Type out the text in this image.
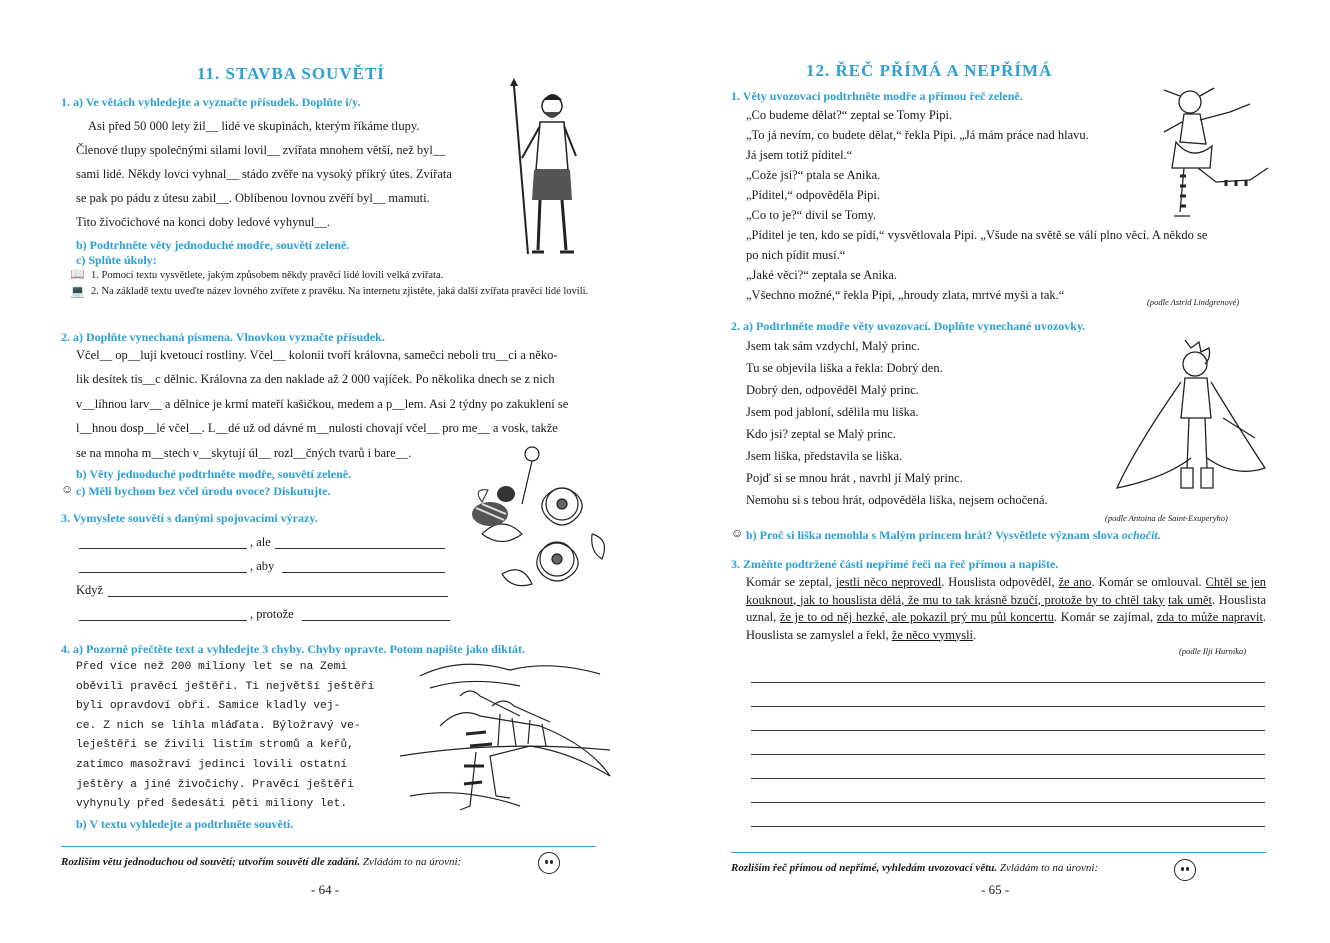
11. STAVBA SOUVĚTÍ
1. a) Ve větách vyhledejte a vyznačte přísudek. Doplňte i/y.
Asi před 50 000 lety žil__ lidé ve skupinách, kterým říkáme tlupy.
Členové tlupy společnými silami lovil__ zvířata mnohem větší, než byl__
sami lidé. Někdy lovci vyhnal__ stádo zvěře na vysoký příkrý útes. Zvířata
se pak po pádu z útesu zabil__. Oblíbenou lovnou zvěří byl__ mamuti.
Tito živočichové na konci doby ledové vyhynul__.
b) Podtrhněte věty jednoduché modře, souvětí zeleně.
c) Splňte úkoly:
📖 1. Pomocí textu vysvětlete, jakým způsobem někdy pravěcí lidé lovili velká zvířata.
💻 2. Na základě textu uveďte název lovného zvířete z pravěku. Na internetu zjistěte, jaká další zvířata pravěcí lidé lovili.
2. a) Doplňte vynechaná písmena. Vlnovkou vyznačte přísudek.
Včel__ op__lují kvetoucí rostliny. Včel__ kolonii tvoří královna, samečci neboli tru__ci a něko-
lik desítek tis__c dělnic. Královna za den naklade až 2 000 vajíček. Po několika dnech se z nich
v__líhnou larv__ a dělnice je krmí mateří kašičkou, medem a p__lem. Asi 2 týdny po zakuklení se
l__hnou dosp__lé včel__. L__dé už od dávné m__nulosti chovají včel__ pro me__ a vosk, takže
se na mnoha m__stech v__skytují úl__ rozl__čných tvarů i bare__.
b) Věty jednoduché podtrhněte modře, souvětí zeleně.
☺ c) Měli bychom bez včel úrodu ovoce? Diskutujte.
3. Vymyslete souvětí s danými spojovacími výrazy.
, ale
, aby
Když
, protože
4. a) Pozorně přečtěte text a vyhledejte 3 chyby. Chyby opravte. Potom napište jako diktát.
Před více než 200 miliony let se na Zemi
oběvili pravěcí ještěři. Ti největší ještěři
byli opravdoví obři. Samice kladly vej-
ce. Z nich se líhla mláďata. Býložravý ve-
leještěři se živili listím stromů a keřů,
zatímco masožraví jedinci lovili ostatní
ještěry a jiné živočichy. Pravěcí ještěři
vyhynuly před šedesáti pěti miliony let.
b) V textu vyhledejte a podtrhněte souvětí.
Rozliším větu jednoduchou od souvětí; utvořím souvětí dle zadání. Zvládám to na úrovni:
- 64 -
12. ŘEČ PŘÍMÁ A NEPŘÍMÁ
1. Věty uvozovací podtrhněte modře a přímou řeč zeleně.
„Co budeme dělat?“ zeptal se Tomy Pipi.
„To já nevím, co budete dělat,“ řekla Pipi. „Já mám práce nad hlavu.
Já jsem totiž píditel.“
„Cože jsi?“ ptala se Anika.
„Píditel,“ odpověděla Pipi.
„Co to je?“ divil se Tomy.
„Píditel je ten, kdo se pídí,“ vysvětlovala Pipi. „Všude na světě se válí plno věcí. A někdo se
po nich pídit musí.“
„Jaké věci?“ zeptala se Anika.
„Všechno možné,“ řekla Pipi, „hroudy zlata, mrtvé myši a tak.“	(podle Astrid Lindgrenové)
2. a) Podtrhněte modře věty uvozovací. Doplňte vynechané uvozovky.
Jsem tak sám vzdychl, Malý princ.
Tu se objevila liška a řekla: Dobrý den.
Dobrý den, odpověděl Malý princ.
Jsem pod jabloní, sdělila mu liška.
Kdo jsi? zeptal se Malý princ.
Jsem liška, představila se liška.
Pojď si se mnou hrát , navrhl jí Malý princ.
Nemohu si s tebou hrát, odpověděla liška, nejsem ochočená.
(podle Antoina de Saint-Exuperyho)
☺ b) Proč si liška nemohla s Malým princem hrát? Vysvětlete význam slova ochočit.
3. Změňte podtržené části nepřímé řeči na řeč přímou a napište.
Komár se zeptal, jestli něco neprovedl. Houslista odpověděl, že ano. Komár se omlouval. Chtěl se jen kouknout, jak to houslista dělá, že mu to tak krásně bzučí, protože by to chtěl taky tak umět. Houslista uznal, že je to od něj hezké, ale pokazil prý mu půl koncertu. Komár se zajímal, zda to může napravit. Houslista se zamyslel a řekl, že něco vymyslí.
(podle Ilji Hurníka)
Rozliším řeč přímou od nepřímé, vyhledám uvozovací větu. Zvládám to na úrovni:
- 65 -
